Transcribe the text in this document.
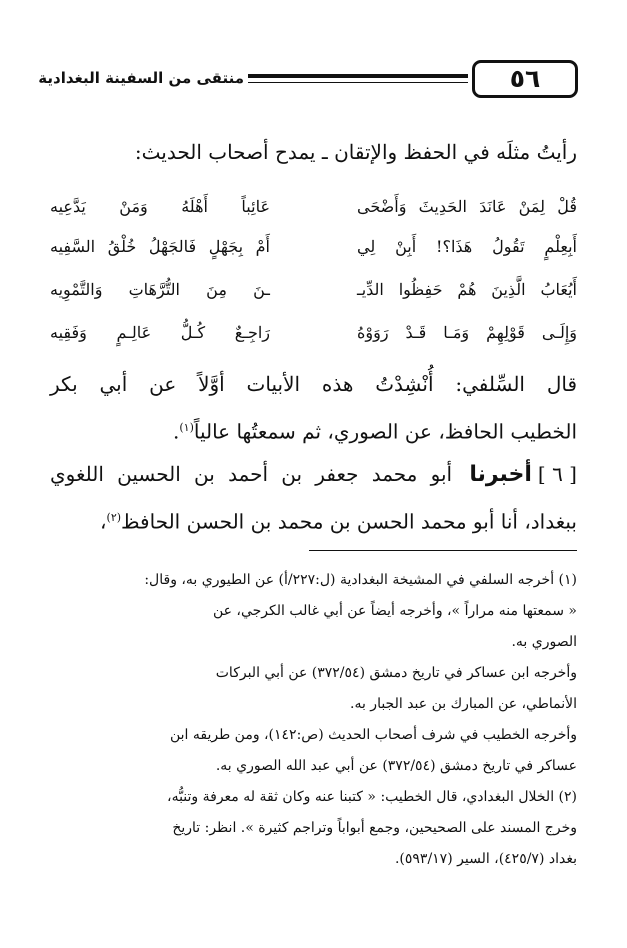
٥٦
منتقى من السفينة البغدادية
رأيتُ مثلَه في الحفظ والإتقان ـ يمدح أصحاب الحديث:
قُلْ لِمَنْ عَانَدَ الحَدِيثَ وَأَضْحَى
عَائِباً أَهْلَهُ وَمَنْ يَدَّعِيه
أَبِعِلْمٍ تَقُولُ هَذَا؟! أَبِنْ لِي
أَمْ بِجَهْلٍ فَالجَهْلُ خُلْقُ السَّفِيه
أَيُعَابُ الَّذِينَ هُمْ حَفِظُوا الدِّيـ
ـنَ مِنَ التُّرَّهَاتِ وَالتَّمْوِيه
وَإِلَـى قَوْلِهِمْ وَمَـا قَـدْ رَوَوْهُ
رَاجِـعٌ كُـلُّ عَالِـمٍ وَفَقِيه
قال السِّلفي: أُنْشِدْتُ هذه الأبيات أوَّلاً عن أبي بكر
الخطيب الحافظ، عن الصوري، ثم سمعتُها عالياً$^{(١)}$.
[ ٦ ]أخبرنا أبو محمد جعفر بن أحمد بن الحسين اللغوي
ببغداد، أنا أبو محمد الحسن بن محمد بن الحسن الحافظ$^{(٢)}$،
(١) أخرجه السلفي في المشيخة البغدادية (ل:٢٢٧/أ) عن الطيوري به، وقال:
« سمعتها منه مراراً »، وأخرجه أيضاً عن أبي غالب الكرجي، عن
الصوري به.
وأخرجه ابن عساكر في تاريخ دمشق (٣٧٢/٥٤) عن أبي البركات
الأنماطي، عن المبارك بن عبد الجبار به.
وأخرجه الخطيب في شرف أصحاب الحديث (ص:١٤٢)، ومن طريقه ابن
عساكر في تاريخ دمشق (٣٧٢/٥٤) عن أبي عبد الله الصوري به.
(٢) الخلال البغدادي، قال الخطيب: « كتبنا عنه وكان ثقة له معرفة وتنبُّه،
وخرج المسند على الصحيحين، وجمع أبواباً وتراجم كثيرة ». انظر: تاريخ
بغداد (٤٢٥/٧)، السير (٥٩٣/١٧).
